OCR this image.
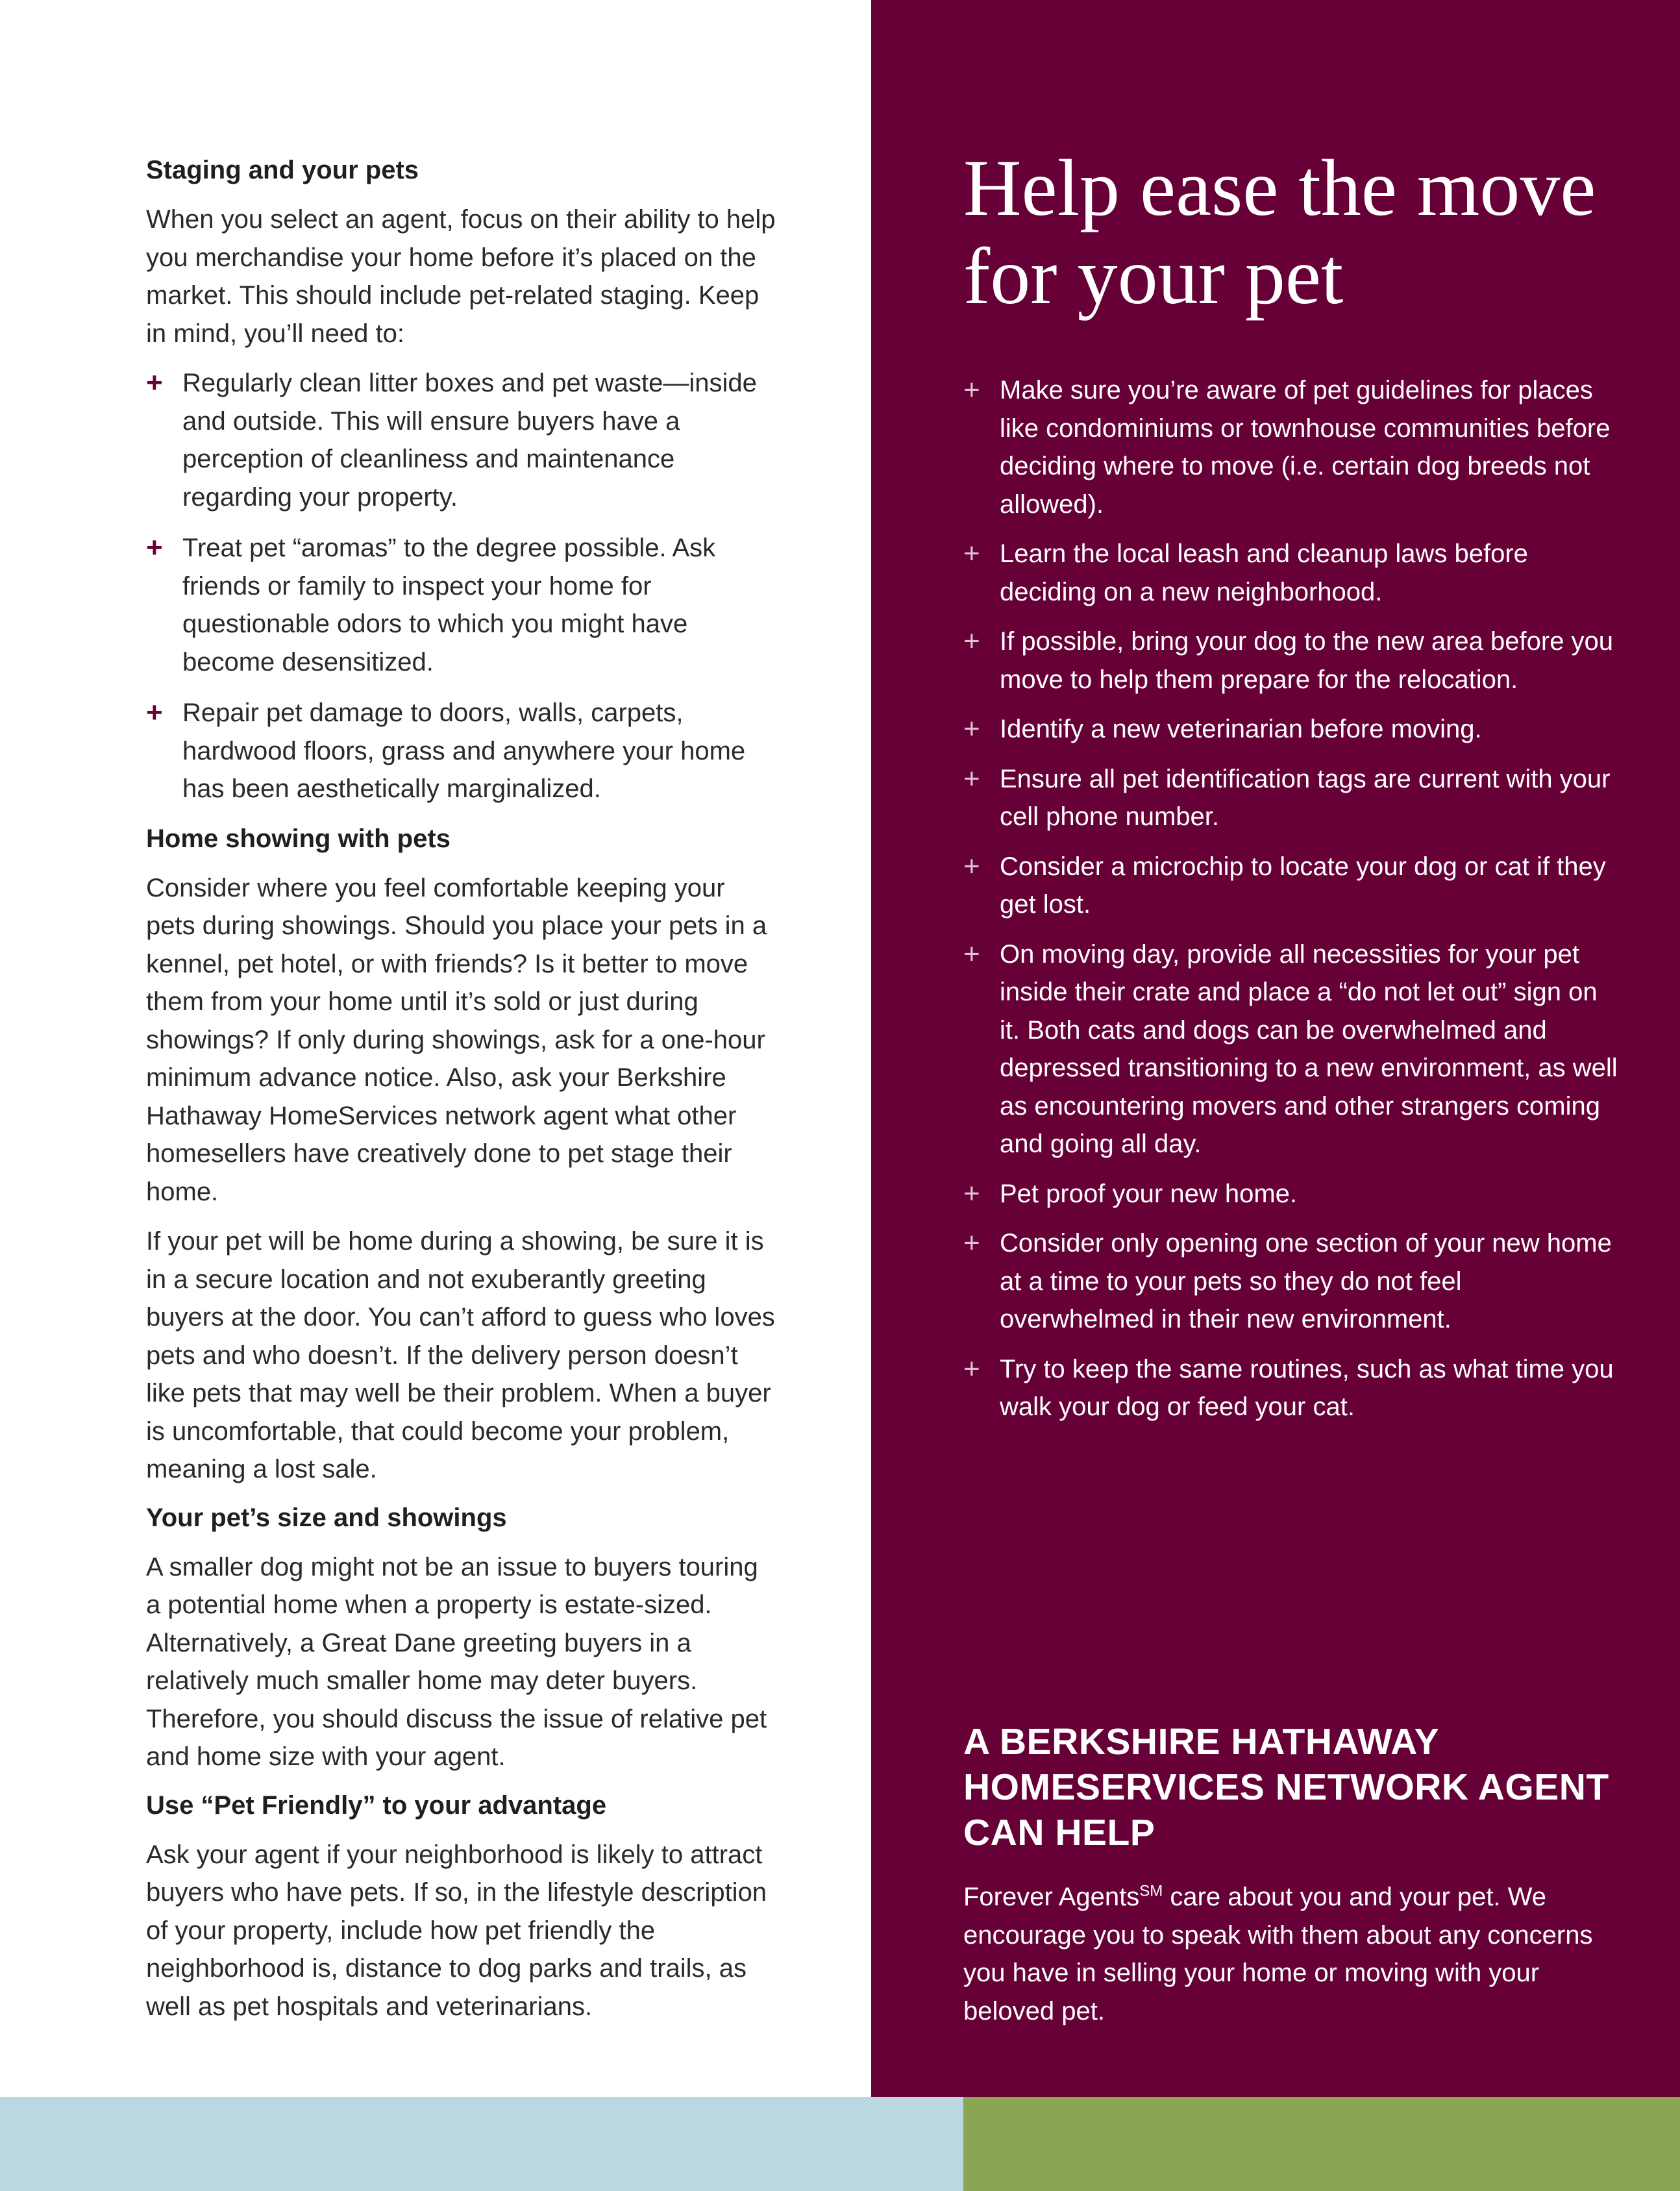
Staging and your pets

When you select an agent, focus on their ability to help you merchandise your home before it’s placed on the market. This should include pet-related staging. Keep in mind, you’ll need to:

+ Regularly clean litter boxes and pet waste—inside and outside. This will ensure buyers have a perception of cleanliness and maintenance regarding your property.
+ Treat pet “aromas” to the degree possible. Ask friends or family to inspect your home for questionable odors to which you might have become desensitized.
+ Repair pet damage to doors, walls, carpets, hardwood floors, grass and anywhere your home has been aesthetically marginalized.
Home showing with pets

Consider where you feel comfortable keeping your pets during showings. Should you place your pets in a kennel, pet hotel, or with friends? Is it better to move them from your home until it’s sold or just during showings? If only during showings, ask for a one-hour minimum advance notice. Also, ask your Berkshire Hathaway HomeServices network agent what other homesellers have creatively done to pet stage their home.

If your pet will be home during a showing, be sure it is in a secure location and not exuberantly greeting buyers at the door. You can’t afford to guess who loves pets and who doesn’t. If the delivery person doesn’t like pets that may well be their problem. When a buyer is uncomfortable, that could become your problem, meaning a lost sale.

Your pet’s size and showings

A smaller dog might not be an issue to buyers touring a potential home when a property is estate-sized. Alternatively, a Great Dane greeting buyers in a relatively much smaller home may deter buyers. Therefore, you should discuss the issue of relative pet and home size with your agent.

Use “Pet Friendly” to your advantage

Ask your agent if your neighborhood is likely to attract buyers who have pets. If so, in the lifestyle description of your property, include how pet friendly the neighborhood is, distance to dog parks and trails, as well as pet hospitals and veterinarians.

Help ease the move for your pet
+ Make sure you’re aware of pet guidelines for places like condominiums or townhouse communities before deciding where to move (i.e. certain dog breeds not allowed).
+ Learn the local leash and cleanup laws before deciding on a new neighborhood.
+ If possible, bring your dog to the new area before you move to help them prepare for the relocation.
+ Identify a new veterinarian before moving.
+ Ensure all pet identification tags are current with your cell phone number.
+ Consider a microchip to locate your dog or cat if they get lost.
+ On moving day, provide all necessities for your pet inside their crate and place a “do not let out” sign on it. Both cats and dogs can be overwhelmed and depressed transitioning to a new environment, as well as encountering movers and other strangers coming and going all day.
+ Pet proof your new home.
+ Consider only opening one section of your new home at a time to your pets so they do not feel overwhelmed in their new environment.
+ Try to keep the same routines, such as what time you walk your dog or feed your cat.
A BERKSHIRE HATHAWAY HOMESERVICES NETWORK AGENT CAN HELP

Forever Agents℠ care about you and your pet. We encourage you to speak with them about any concerns you have in selling your home or moving with your beloved pet.
